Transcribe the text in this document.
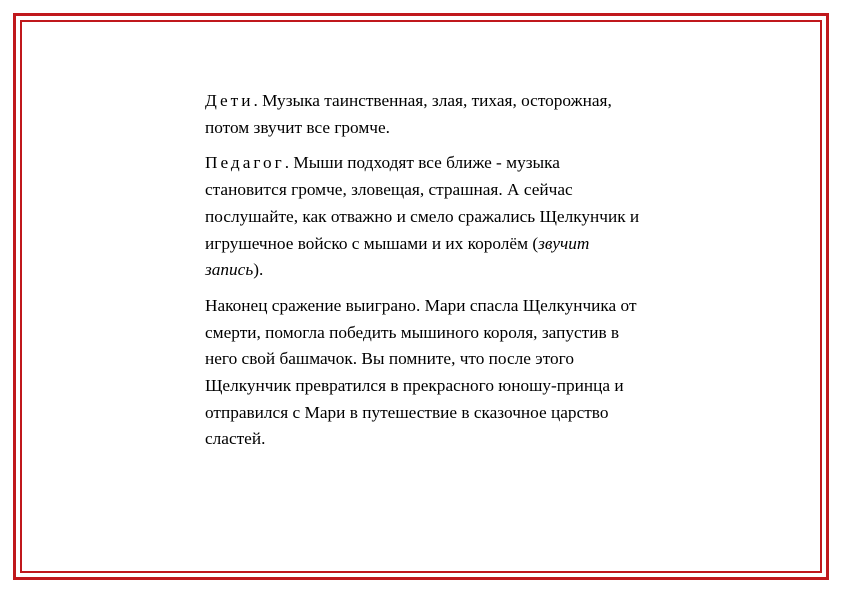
Дети. Музыка таинственная, злая, тихая, осторожная,
потом звучит все громче.

Педагог. Мыши подходят все ближе - музыка
становится громче, зловещая, страшная. А сейчас
послушайте, как отважно и смело сражались Щелкунчик и
игрушечное войско с мышами и их королём (звучит
запись).

Наконец сражение выиграно. Мари спасла Щелкунчика от
смерти, помогла победить мышиного короля, запустив в
него свой башмачок. Вы помните, что после этого
Щелкунчик превратился в прекрасного юношу-принца и
отправился с Мари в путешествие в сказочное царство
сластей.
